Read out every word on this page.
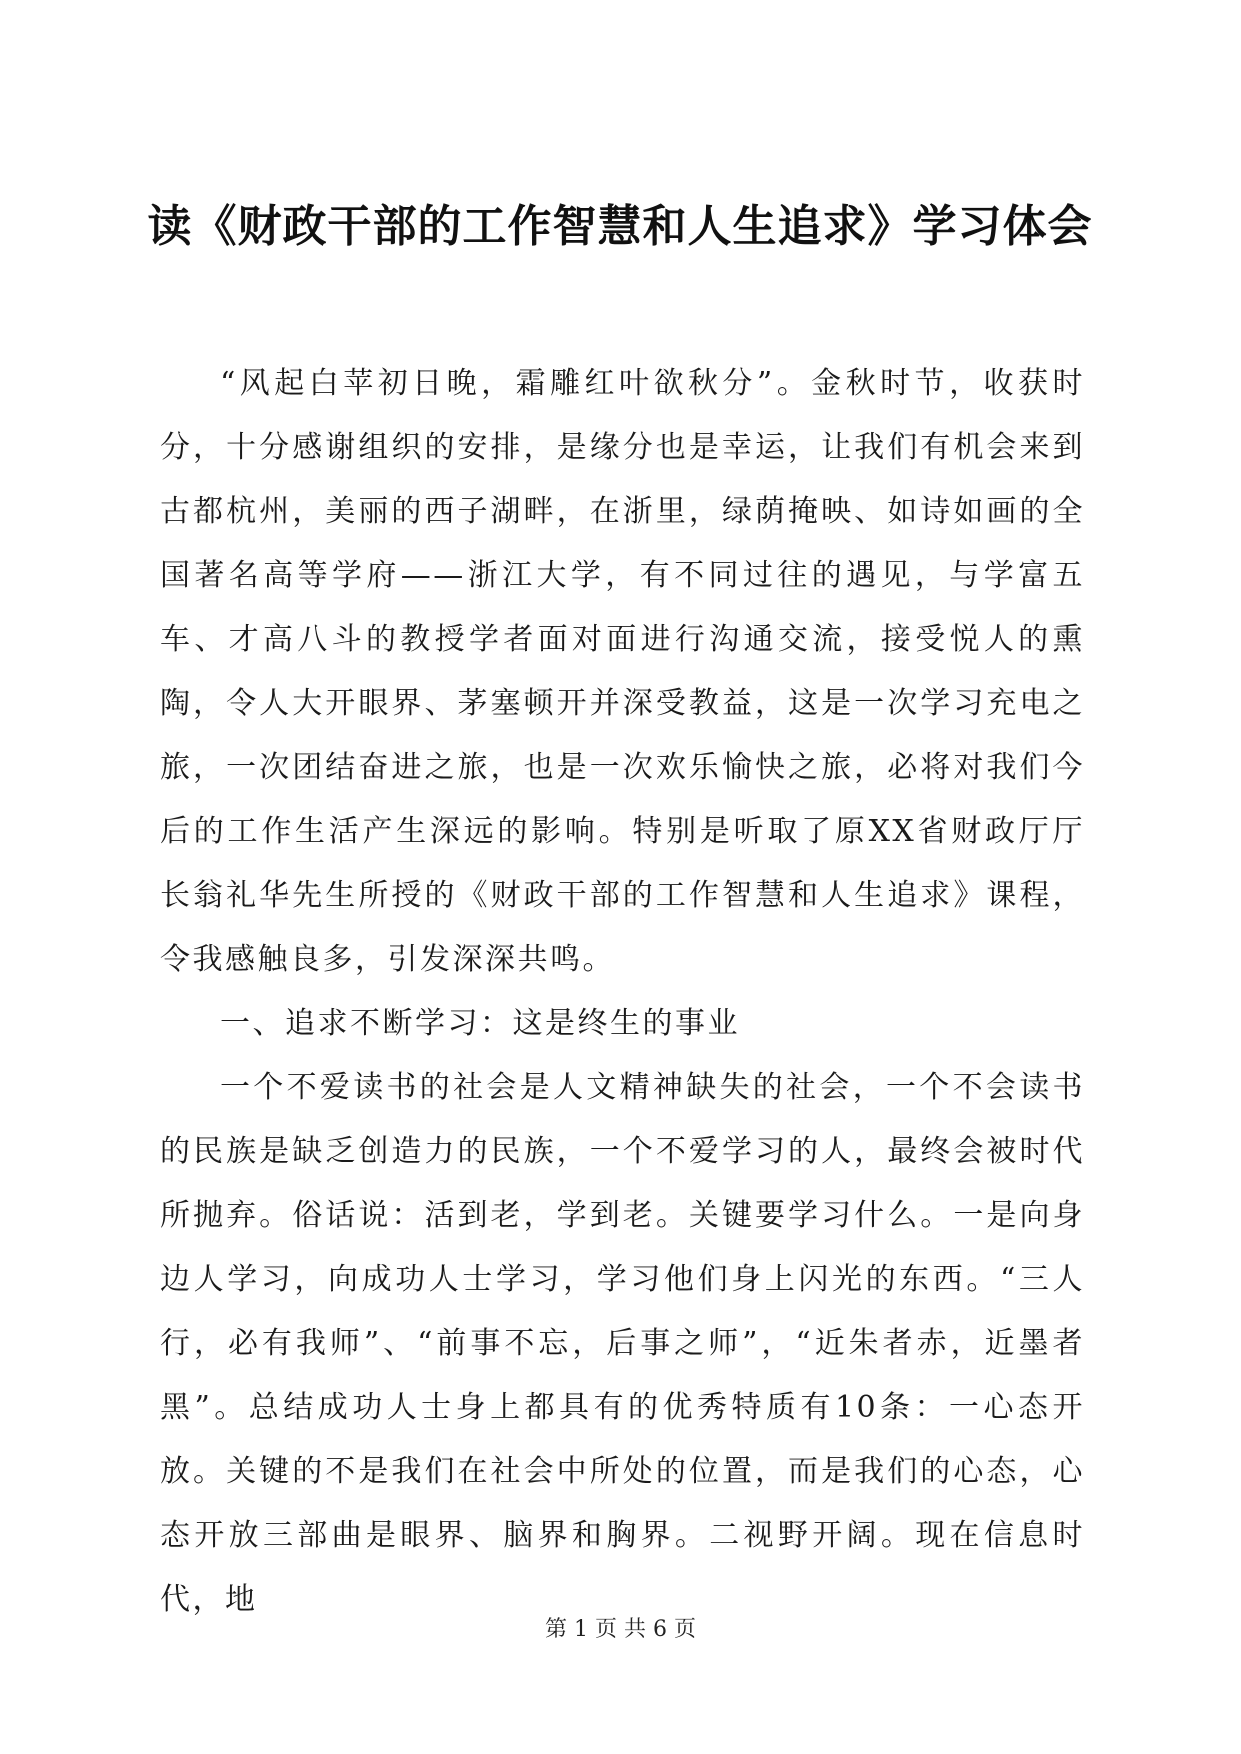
读《财政干部的工作智慧和人生追求》学习体会

“风起白苹初日晚，霜雕红叶欲秋分”。金秋时节，收获时分，十分感谢组织的安排，是缘分也是幸运，让我们有机会来到古都杭州，美丽的西子湖畔，在浙里，绿荫掩映、如诗如画的全国著名高等学府——浙江大学，有不同过往的遇见，与学富五车、才高八斗的教授学者面对面进行沟通交流，接受悦人的熏陶，令人大开眼界、茅塞顿开并深受教益，这是一次学习充电之旅，一次团结奋进之旅，也是一次欢乐愉快之旅，必将对我们今后的工作生活产生深远的影响。特别是听取了原XX省财政厅厅长翁礼华先生所授的《财政干部的工作智慧和人生追求》课程，令我感触良多，引发深深共鸣。

一、追求不断学习：这是终生的事业

一个不爱读书的社会是人文精神缺失的社会，一个不会读书的民族是缺乏创造力的民族，一个不爱学习的人，最终会被时代所抛弃。俗话说：活到老，学到老。关键要学习什么。一是向身边人学习，向成功人士学习，学习他们身上闪光的东西。“三人行，必有我师”、“前事不忘，后事之师”，“近朱者赤，近墨者黑”。总结成功人士身上都具有的优秀特质有10条：一心态开放。关键的不是我们在社会中所处的位置，而是我们的心态，心态开放三部曲是眼界、脑界和胸界。二视野开阔。现在信息时代，地

第 1 页 共 6 页
